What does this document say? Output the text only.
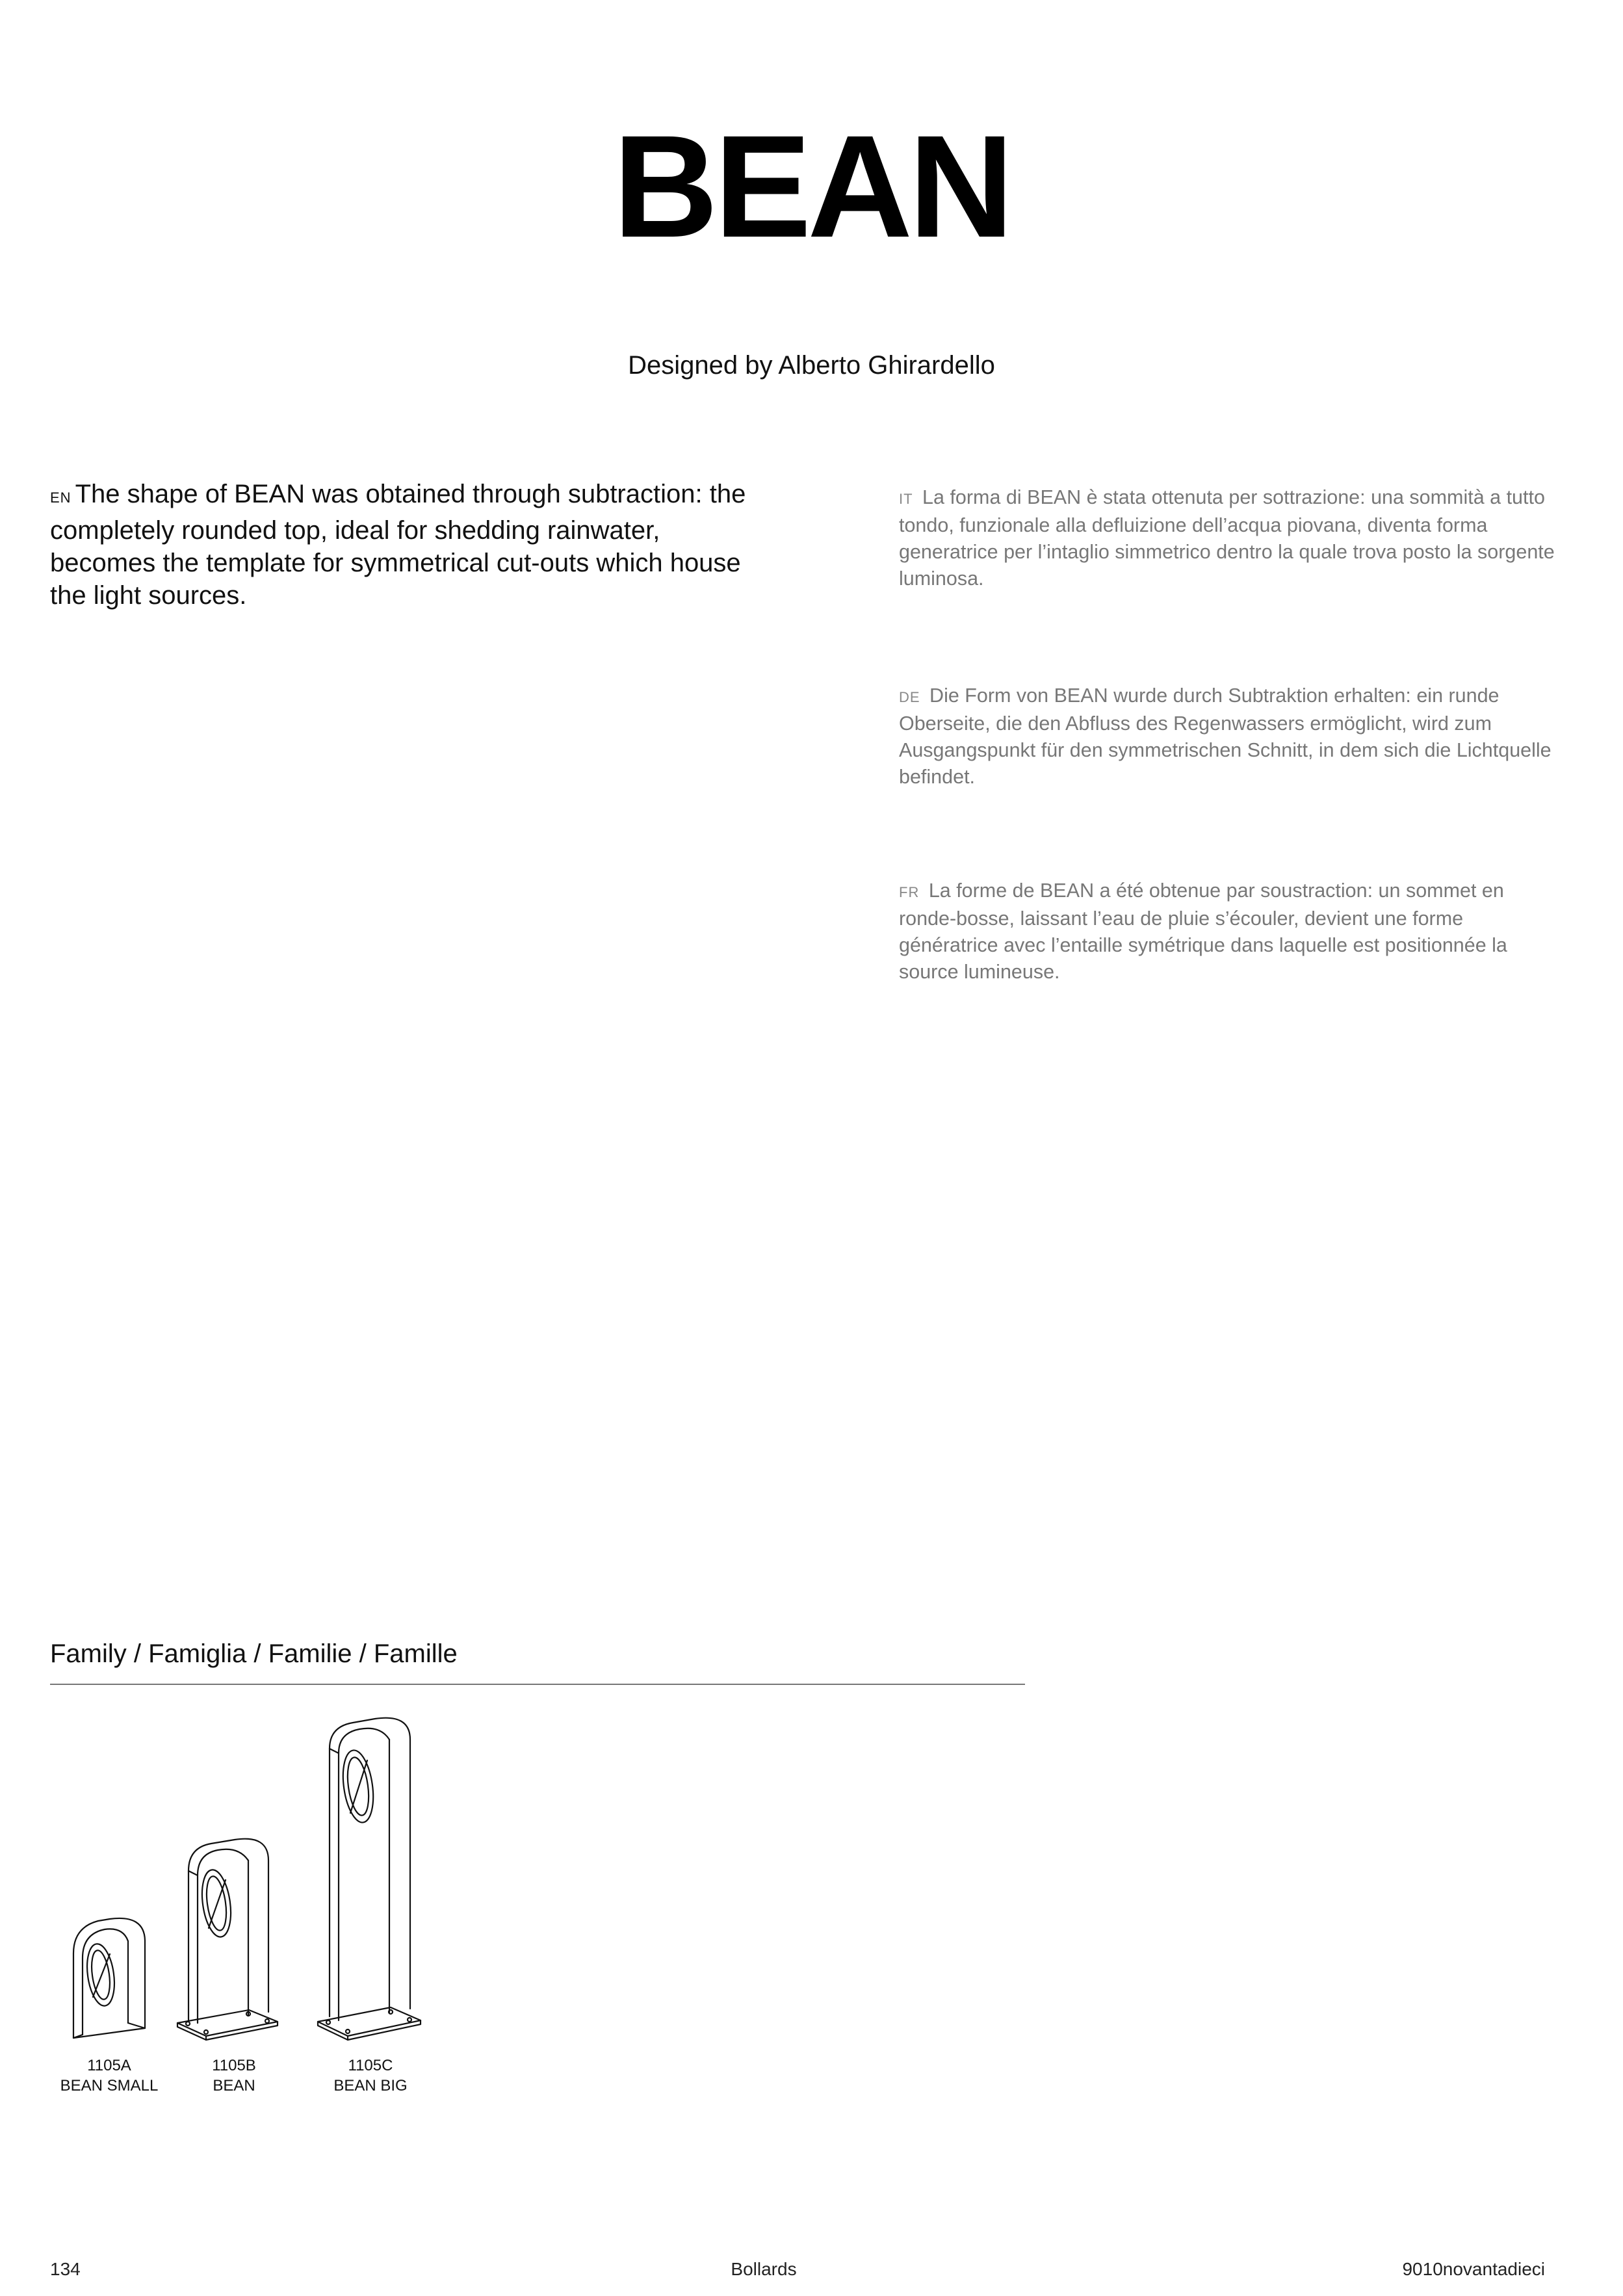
BEAN
Designed by Alberto Ghirardello
EN The shape of BEAN was obtained through subtraction: the completely rounded top, ideal for shedding rainwater, becomes the template for symmetrical cut-outs which house the light sources.
IT La forma di BEAN è stata ottenuta per sottrazione: una sommità a tutto tondo, funzionale alla defluizione dell’acqua piovana, diventa forma generatrice per l’intaglio simmetrico dentro la quale trova posto la sorgente luminosa.
DE Die Form von BEAN wurde durch Subtraktion erhalten: ein runde Oberseite, die den Abfluss des Regenwassers ermöglicht, wird zum Ausgangspunkt für den symmetrischen Schnitt, in dem sich die Lichtquelle befindet.
FR La forme de BEAN a été obtenue par soustraction: un sommet en ronde-bosse, laissant l’eau de pluie s’écouler, devient une forme génératrice avec l’entaille symétrique dans laquelle est positionnée la source lumineuse.
Family / Famiglia / Familie / Famille
1105A
BEAN SMALL
1105B
BEAN
1105C
BEAN BIG
134	Bollards	9010novantadieci
